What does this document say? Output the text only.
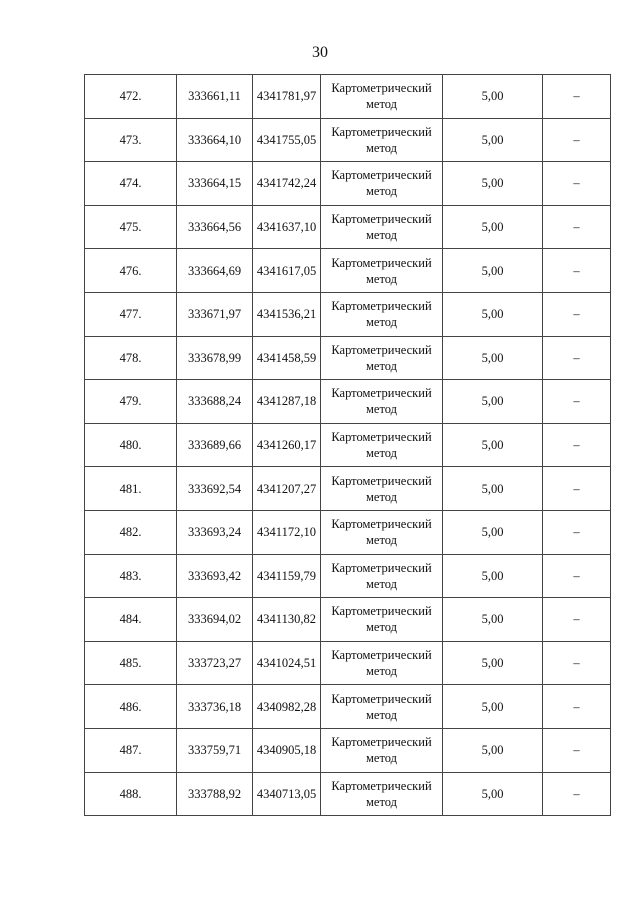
30
472.	333661,11	4341781,97	Картометрический метод	5,00	–
473.	333664,10	4341755,05	Картометрический метод	5,00	–
474.	333664,15	4341742,24	Картометрический метод	5,00	–
475.	333664,56	4341637,10	Картометрический метод	5,00	–
476.	333664,69	4341617,05	Картометрический метод	5,00	–
477.	333671,97	4341536,21	Картометрический метод	5,00	–
478.	333678,99	4341458,59	Картометрический метод	5,00	–
479.	333688,24	4341287,18	Картометрический метод	5,00	–
480.	333689,66	4341260,17	Картометрический метод	5,00	–
481.	333692,54	4341207,27	Картометрический метод	5,00	–
482.	333693,24	4341172,10	Картометрический метод	5,00	–
483.	333693,42	4341159,79	Картометрический метод	5,00	–
484.	333694,02	4341130,82	Картометрический метод	5,00	–
485.	333723,27	4341024,51	Картометрический метод	5,00	–
486.	333736,18	4340982,28	Картометрический метод	5,00	–
487.	333759,71	4340905,18	Картометрический метод	5,00	–
488.	333788,92	4340713,05	Картометрический метод	5,00	–
